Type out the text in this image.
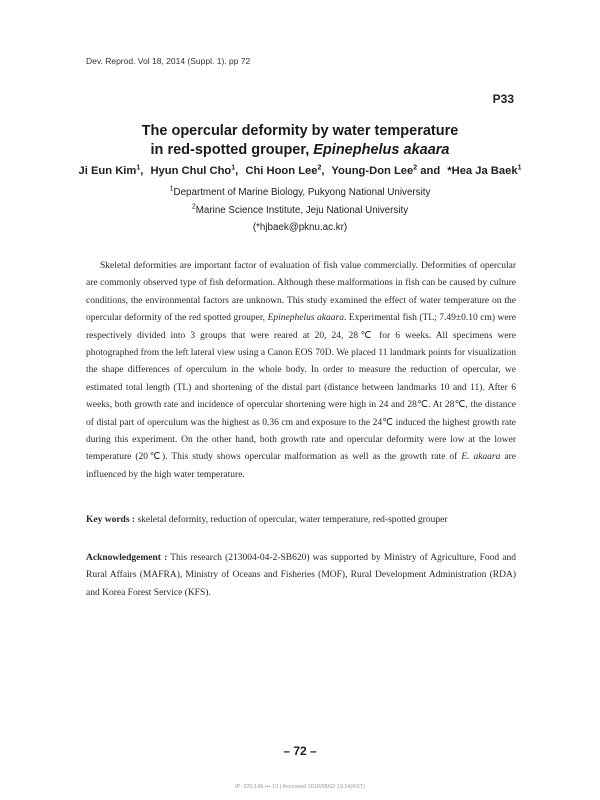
Dev. Reprod. Vol 18, 2014 (Suppl. 1). pp 72
P33
The opercular deformity by water temperature
in red-spotted grouper, Epinephelus akaara
Ji Eun Kim$^1$, Hyun Chul Cho$^1$, Chi Hoon Lee$^2$, Young-Don Lee$^2$ and *Hea Ja Baek$^1$
$^1$Department of Marine Biology, Pukyong National University
$^2$Marine Science Institute, Jeju National University
(*hjbaek@pknu.ac.kr)
Skeletal deformities are important factor of evaluation of fish value commercially. Deformities of opercular are commonly observed type of fish deformation. Although these malformations in fish can be caused by culture conditions, the environmental factors are unknown. This study examined the effect of water temperature on the opercular deformity of the red spotted grouper, Epinephelus akaara. Experimental fish (TL; 7.49±0.10 cm) were respectively divided into 3 groups that were reared at 20, 24, 28℃ for 6 weeks. All specimens were photographed from the left lateral view using a Canon EOS 70D. We placed 11 landmark points for visualization the shape differences of operculum in the whole body. In order to measure the reduction of opercular, we estimated total length (TL) and shortening of the distal part (distance between landmarks 10 and 11). After 6 weeks, both growth rate and incidence of opercular shortening were high in 24 and 28℃. At 28℃, the distance of distal part of operculum was the highest as 0.36 cm and exposure to the 24℃ induced the highest growth rate during this experiment. On the other hand, both growth rate and opercular deformity were low at the lower temperature (20℃). This study shows opercular malformation as well as the growth rate of E. akaara are influenced by the high water temperature.
Key words : skeletal deformity, reduction of opercular, water temperature, red-spotted grouper
Acknowledgement : This research (213004-04-2-SB620) was supported by Ministry of Agriculture, Food and Rural Affairs (MAFRA), Ministry of Oceans and Fisheries (MOF), Rural Development Administration (RDA) and Korea Forest Service (KFS).
– 72 –
IP: 220.149.•••.10 | Accessed 2018/08/02 13:14(KST)
